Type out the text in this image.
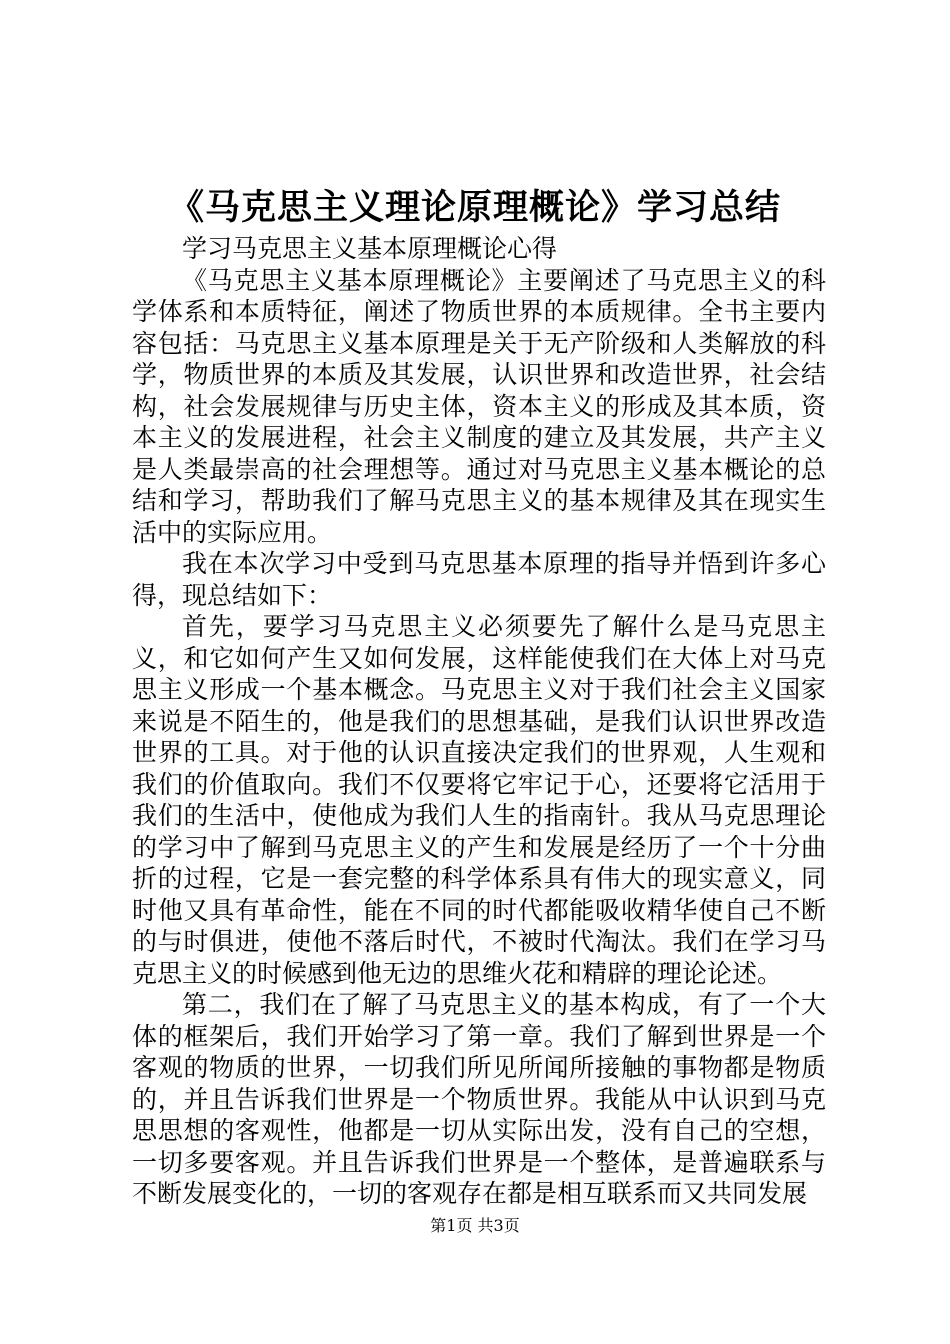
《马克思主义理论原理概论》学习总结

学习马克思主义基本原理概论心得

《马克思主义基本原理概论》主要阐述了马克思主义的科学体系和本质特征，阐述了物质世界的本质规律。全书主要内容包括：马克思主义基本原理是关于无产阶级和人类解放的科学，物质世界的本质及其发展，认识世界和改造世界，社会结构，社会发展规律与历史主体，资本主义的形成及其本质，资本主义的发展进程，社会主义制度的建立及其发展，共产主义是人类最崇高的社会理想等。通过对马克思主义基本概论的总结和学习，帮助我们了解马克思主义的基本规律及其在现实生活中的实际应用。

我在本次学习中受到马克思基本原理的指导并悟到许多心得，现总结如下：

首先，要学习马克思主义必须要先了解什么是马克思主义，和它如何产生又如何发展，这样能使我们在大体上对马克思主义形成一个基本概念。马克思主义对于我们社会主义国家来说是不陌生的，他是我们的思想基础，是我们认识世界改造世界的工具。对于他的认识直接决定我们的世界观，人生观和我们的价值取向。我们不仅要将它牢记于心，还要将它活用于我们的生活中，使他成为我们人生的指南针。我从马克思理论的学习中了解到马克思主义的产生和发展是经历了一个十分曲折的过程，它是一套完整的科学体系具有伟大的现实意义，同时他又具有革命性，能在不同的时代都能吸收精华使自己不断的与时俱进，使他不落后时代，不被时代淘汰。我们在学习马克思主义的时候感到他无边的思维火花和精辟的理论论述。

第二，我们在了解了马克思主义的基本构成，有了一个大体的框架后，我们开始学习了第一章。我们了解到世界是一个客观的物质的世界，一切我们所见所闻所接触的事物都是物质的，并且告诉我们世界是一个物质世界。我能从中认识到马克思思想的客观性，他都是一切从实际出发，没有自己的空想，一切多要客观。并且告诉我们世界是一个整体，是普遍联系与不断发展变化的，一切的客观存在都是相互联系而又共同发展

第1页 共3页
